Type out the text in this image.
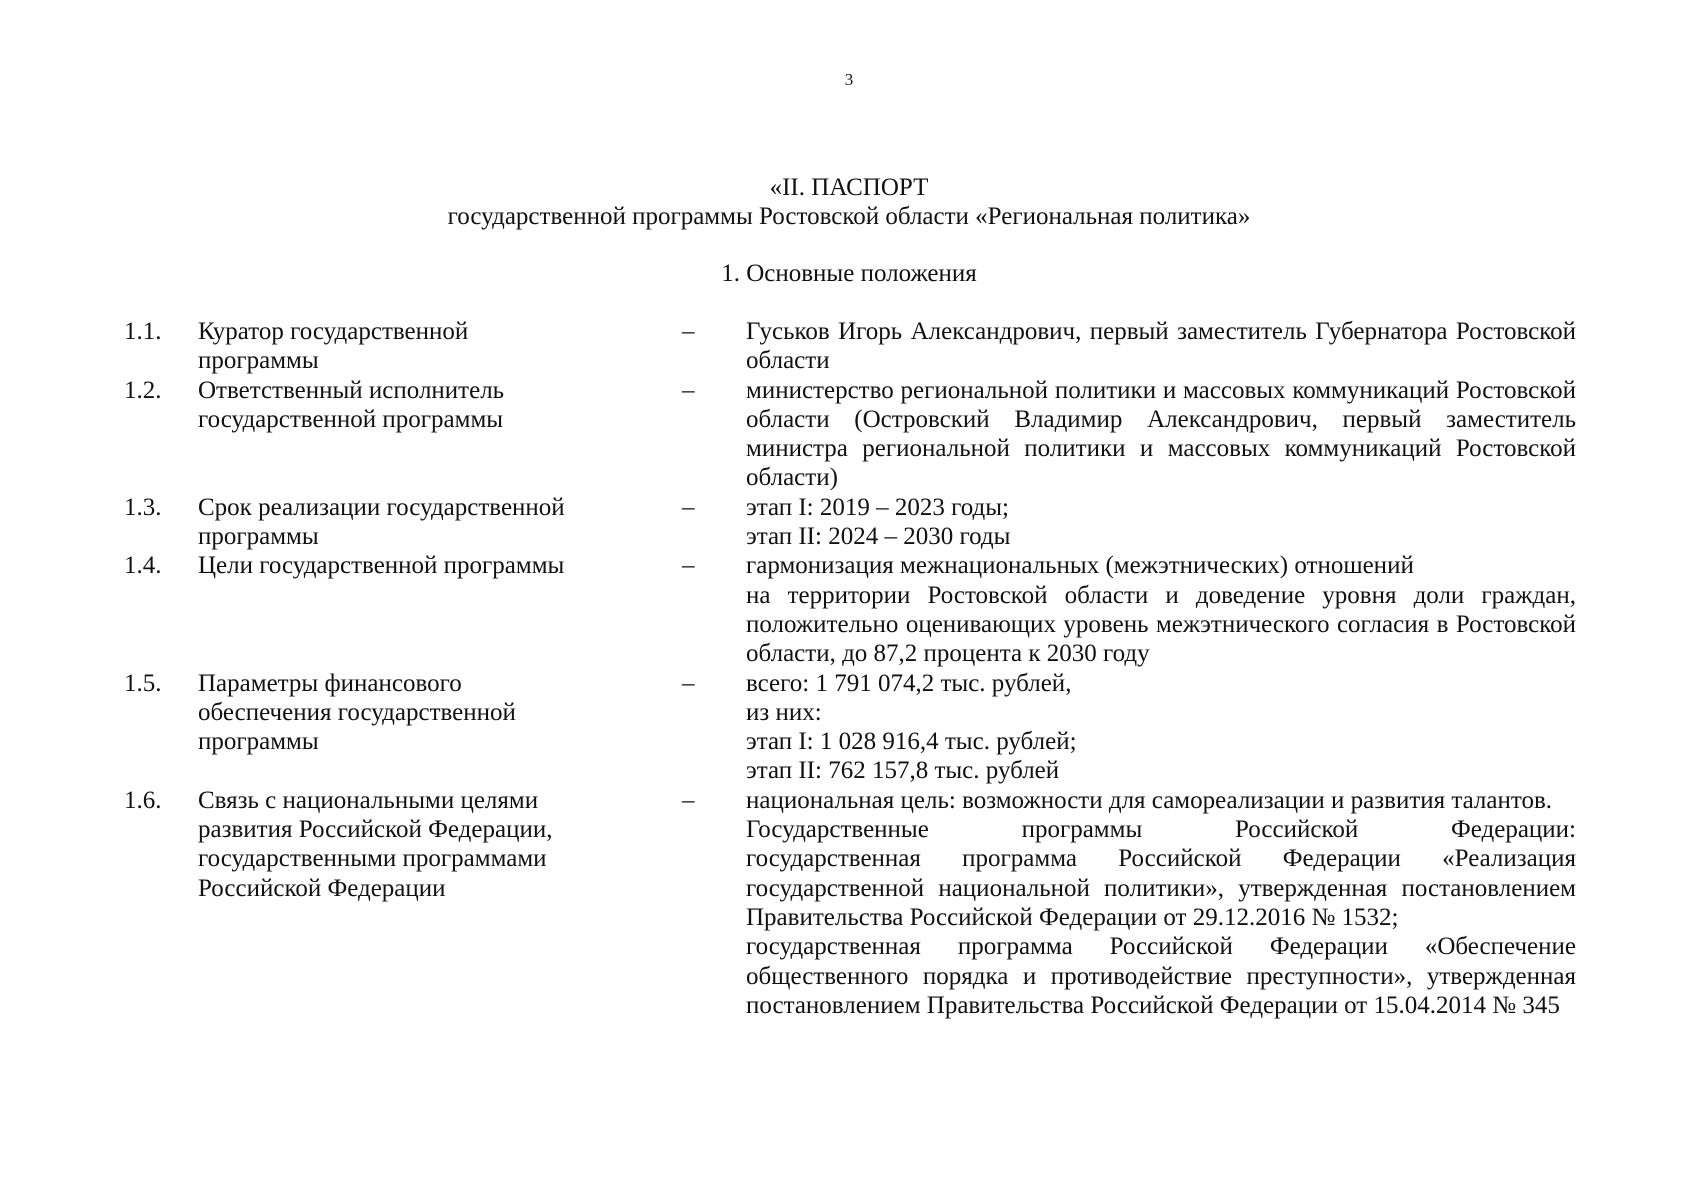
3
«II. ПАСПОРТ
государственной программы Ростовской области «Региональная политика»
1. Основные положения
1.1. Куратор государственной программы
– Гуськов Игорь Александрович, первый заместитель Губернатора Ростовской области
1.2. Ответственный исполнитель государственной программы
– министерство региональной политики и массовых коммуникаций Ростовской области (Островский Владимир Александрович, первый заместитель министра региональной политики и массовых коммуникаций Ростовской области)
1.3. Срок реализации государственной программы
– этап I: 2019 – 2023 годы;
этап II: 2024 – 2030 годы
1.4. Цели государственной программы	– гармонизация межнациональных (межэтнических) отношений
на территории Ростовской области и доведение уровня доли граждан, положительно оценивающих уровень межэтнического согласия в Ростовской области, до 87,2 процента к 2030 году
1.5. Параметры финансового обеспечения государственной программы
– всего: 1 791 074,2 тыс. рублей,
из них:
этап I: 1 028 916,4 тыс. рублей;
этап II: 762 157,8 тыс. рублей
1.6. Связь с национальными целями развития Российской Федерации, государственными программами Российской Федерации
– национальная цель: возможности для самореализации и развития талантов.
Государственные программы Российской Федерации:
государственная программа Российской Федерации «Реализация государственной национальной политики», утвержденная постановлением Правительства Российской Федерации от 29.12.2016 № 1532;
государственная программа Российской Федерации «Обеспечение общественного порядка и противодействие преступности», утвержденная постановлением Правительства Российской Федерации от 15.04.2014 № 345
